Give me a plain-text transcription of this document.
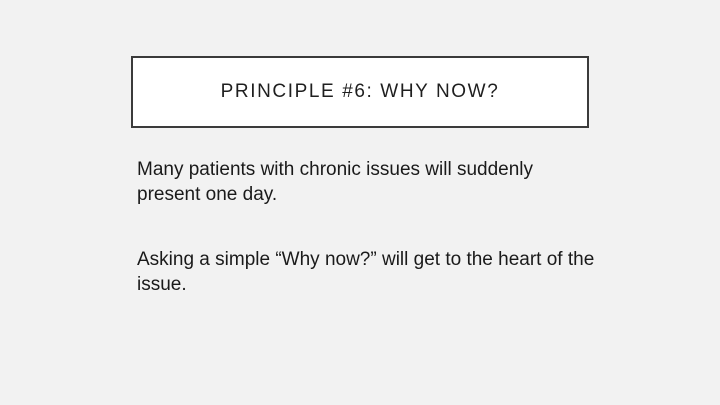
PRINCIPLE #6: WHY NOW?

Many patients with chronic issues will suddenly present one day.

Asking a simple “Why now?” will get to the heart of the issue.
